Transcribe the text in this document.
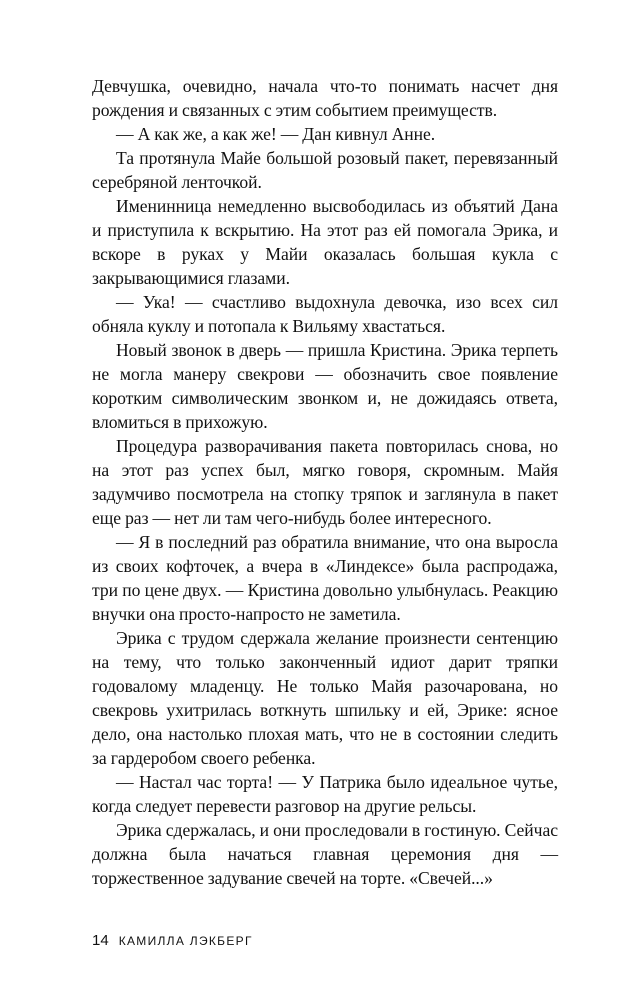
Девчушка, очевидно, начала что-то понимать насчет дня рождения и связанных с этим событием преимуществ.

— А как же, а как же! — Дан кивнул Анне.

Та протянула Майе большой розовый пакет, перевязанный серебряной ленточкой.

Именинница немедленно высвободилась из объятий Дана и приступила к вскрытию. На этот раз ей помогала Эрика, и вскоре в руках у Майи оказалась большая кукла с закрывающимися глазами.

— Ука! — счастливо выдохнула девочка, изо всех сил обняла куклу и потопала к Вильяму хвастаться.

Новый звонок в дверь — пришла Кристина. Эрика терпеть не могла манеру свекрови — обозначить свое появление коротким символическим звонком и, не дожидаясь ответа, вломиться в прихожую.

Процедура разворачивания пакета повторилась снова, но на этот раз успех был, мягко говоря, скромным. Майя задумчиво посмотрела на стопку тряпок и заглянула в пакет еще раз — нет ли там чего-нибудь более интересного.

— Я в последний раз обратила внимание, что она выросла из своих кофточек, а вчера в «Линдексе» была распродажа, три по цене двух. — Кристина довольно улыбнулась. Реакцию внучки она просто-напросто не заметила.

Эрика с трудом сдержала желание произнести сентенцию на тему, что только законченный идиот дарит тряпки годовалому младенцу. Не только Майя разочарована, но свекровь ухитрилась воткнуть шпильку и ей, Эрике: ясное дело, она настолько плохая мать, что не в состоянии следить за гардеробом своего ребенка.

— Настал час торта! — У Патрика было идеальное чутье, когда следует перевести разговор на другие рельсы.

Эрика сдержалась, и они проследовали в гостиную. Сейчас должна была начаться главная церемония дня — торжественное задувание свечей на торте. «Свечей...»

14 КАМИЛЛА ЛЭКБЕРГ
